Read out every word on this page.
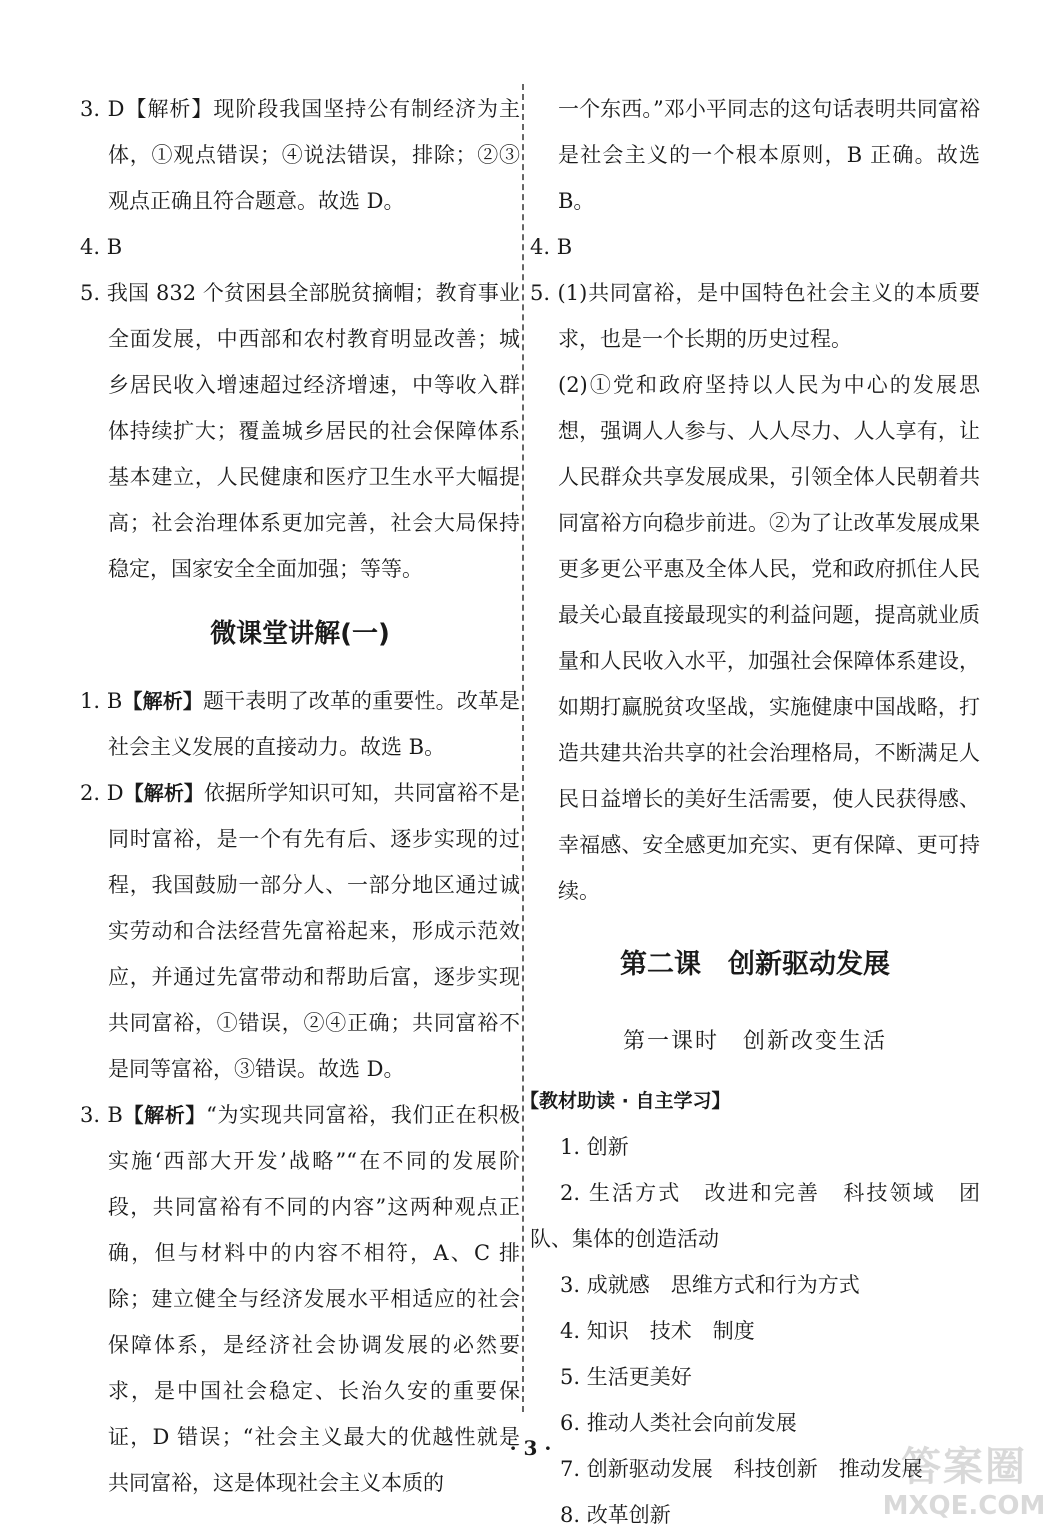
3. D【解析】现阶段我国坚持公有制经济为主体，①观点错误；④说法错误，排除；②③观点正确且符合题意。故选 D。

4. B

5. 我国 832 个贫困县全部脱贫摘帽；教育事业全面发展，中西部和农村教育明显改善；城乡居民收入增速超过经济增速，中等收入群体持续扩大；覆盖城乡居民的社会保障体系基本建立，人民健康和医疗卫生水平大幅提高；社会治理体系更加完善，社会大局保持稳定，国家安全全面加强；等等。

微课堂讲解(一)

1. B【解析】题干表明了改革的重要性。改革是社会主义发展的直接动力。故选 B。

2. D【解析】依据所学知识可知，共同富裕不是同时富裕，是一个有先有后、逐步实现的过程，我国鼓励一部分人、一部分地区通过诚实劳动和合法经营先富裕起来，形成示范效应，并通过先富带动和帮助后富，逐步实现共同富裕，①错误，②④正确；共同富裕不是同等富裕，③错误。故选 D。

3. B【解析】“为实现共同富裕，我们正在积极实施‘西部大开发’战略”“在不同的发展阶段，共同富裕有不同的内容”这两种观点正确，但与材料中的内容不相符，A、C 排除；建立健全与经济发展水平相适应的社会保障体系，是经济社会协调发展的必然要求，是中国社会稳定、长治久安的重要保证，D 错误；“社会主义最大的优越性就是共同富裕，这是体现社会主义本质的

一个东西。”邓小平同志的这句话表明共同富裕是社会主义的一个根本原则，B 正确。故选 B。

4. B

5. (1)共同富裕，是中国特色社会主义的本质要求，也是一个长期的历史过程。

(2)①党和政府坚持以人民为中心的发展思想，强调人人参与、人人尽力、人人享有，让人民群众共享发展成果，引领全体人民朝着共同富裕方向稳步前进。②为了让改革发展成果更多更公平惠及全体人民，党和政府抓住人民最关心最直接最现实的利益问题，提高就业质量和人民收入水平，加强社会保障体系建设，如期打赢脱贫攻坚战，实施健康中国战略，打造共建共治共享的社会治理格局，不断满足人民日益增长的美好生活需要，使人民获得感、幸福感、安全感更加充实、更有保障、更可持续。

第二课　创新驱动发展
第一课时　创新改变生活
【教材助读 · 自主学习】

1. 创新

2. 生活方式　改进和完善　科技领域　团队、集体的创造活动

3. 成就感　思维方式和行为方式

4. 知识　技术　制度

5. 生活更美好

6. 推动人类社会向前发展

7. 创新驱动发展　科技创新　推动发展

8. 改革创新

· 3 ·	答案圈
MXQE.COM
